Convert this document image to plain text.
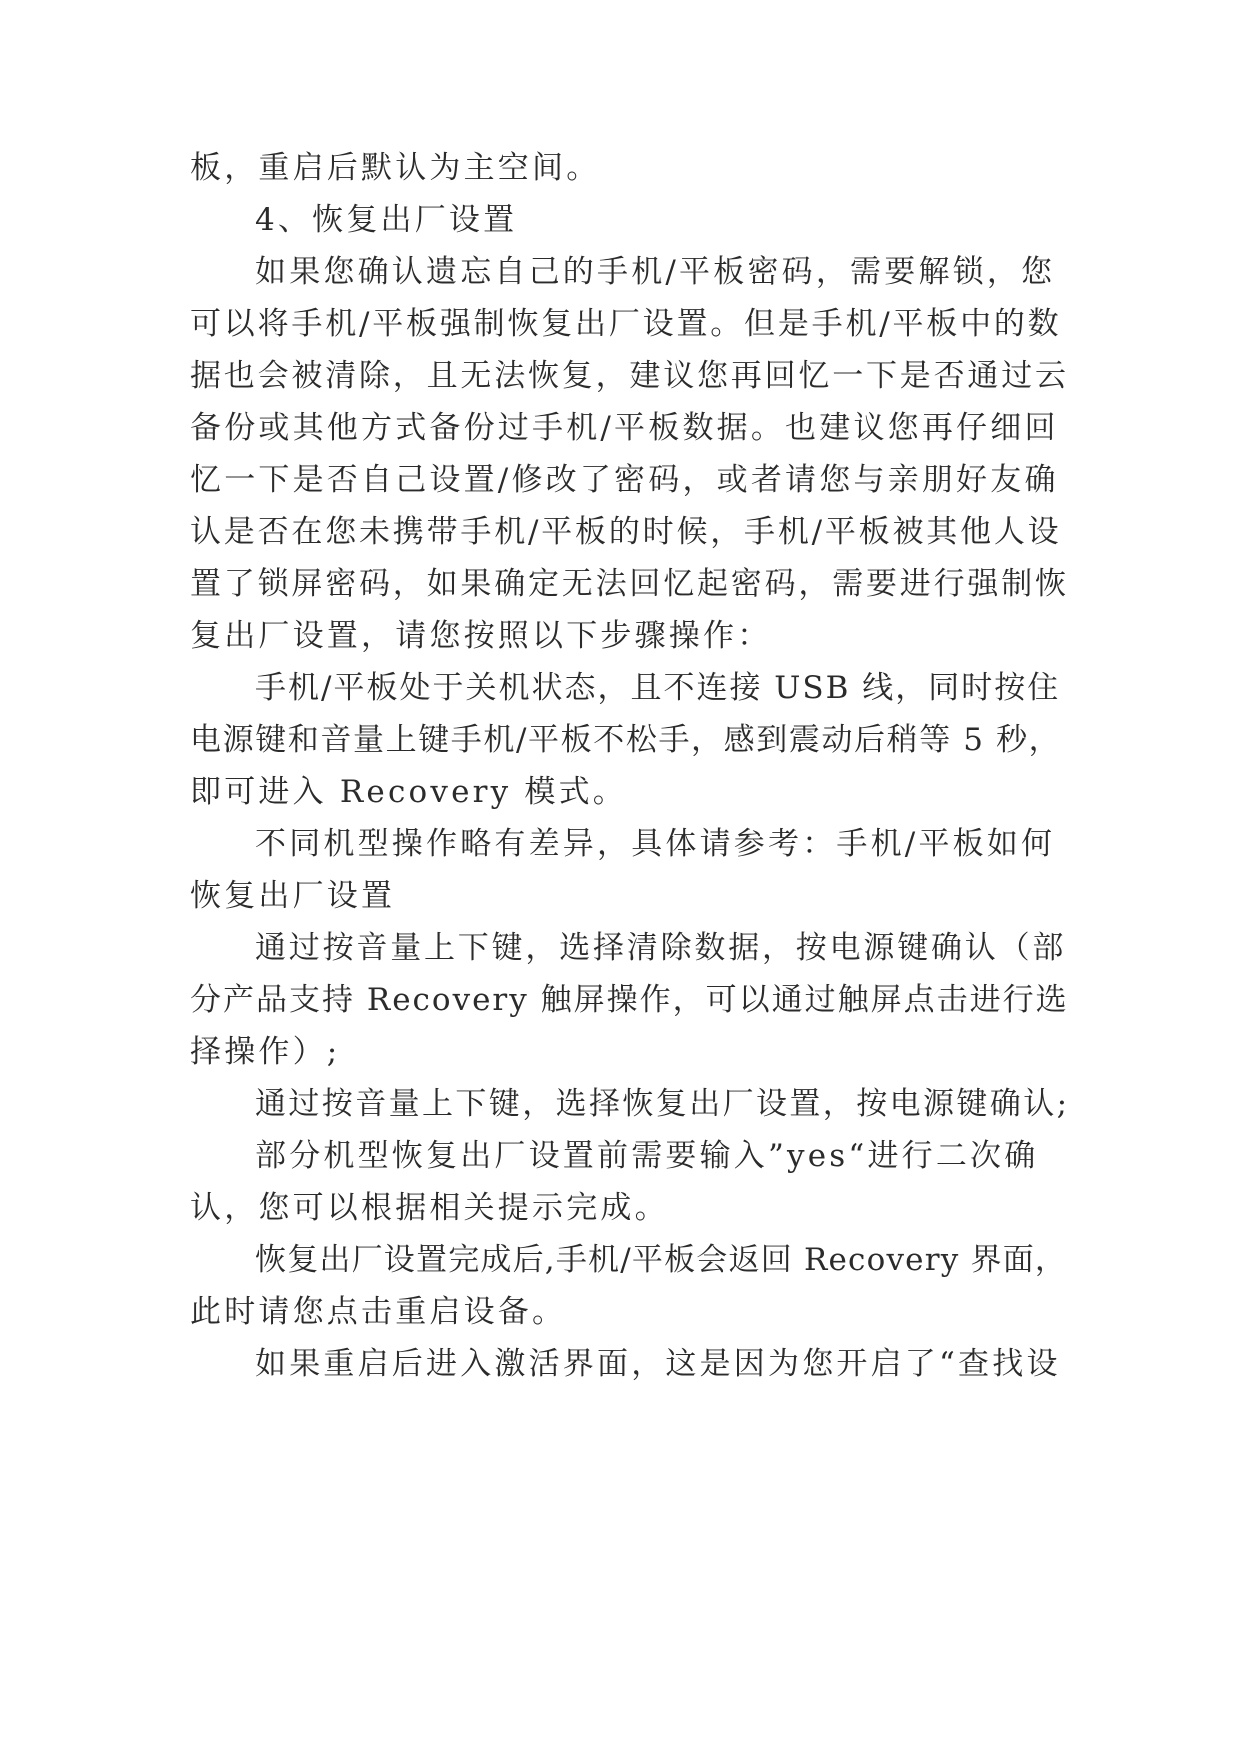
板，重启后默认为主空间。
4、恢复出厂设置
如果您确认遗忘自己的手机/平板密码，需要解锁，您
可以将手机/平板强制恢复出厂设置。但是手机/平板中的数
据也会被清除，且无法恢复，建议您再回忆一下是否通过云
备份或其他方式备份过手机/平板数据。也建议您再仔细回
忆一下是否自己设置/修改了密码，或者请您与亲朋好友确
认是否在您未携带手机/平板的时候，手机/平板被其他人设
置了锁屏密码，如果确定无法回忆起密码，需要进行强制恢
复出厂设置，请您按照以下步骤操作：
手机/平板处于关机状态，且不连接 USB 线，同时按住
电源键和音量上键手机/平板不松手，感到震动后稍等 5 秒，
即可进入 Recovery 模式。
不同机型操作略有差异，具体请参考：手机/平板如何
恢复出厂设置
通过按音量上下键，选择清除数据，按电源键确认（部
分产品支持 Recovery 触屏操作，可以通过触屏点击进行选
择操作）;
通过按音量上下键，选择恢复出厂设置，按电源键确认;
部分机型恢复出厂设置前需要输入”yes“进行二次确
认，您可以根据相关提示完成。
恢复出厂设置完成后,手机/平板会返回 Recovery 界面，
此时请您点击重启设备。
如果重启后进入激活界面，这是因为您开启了“查找设
